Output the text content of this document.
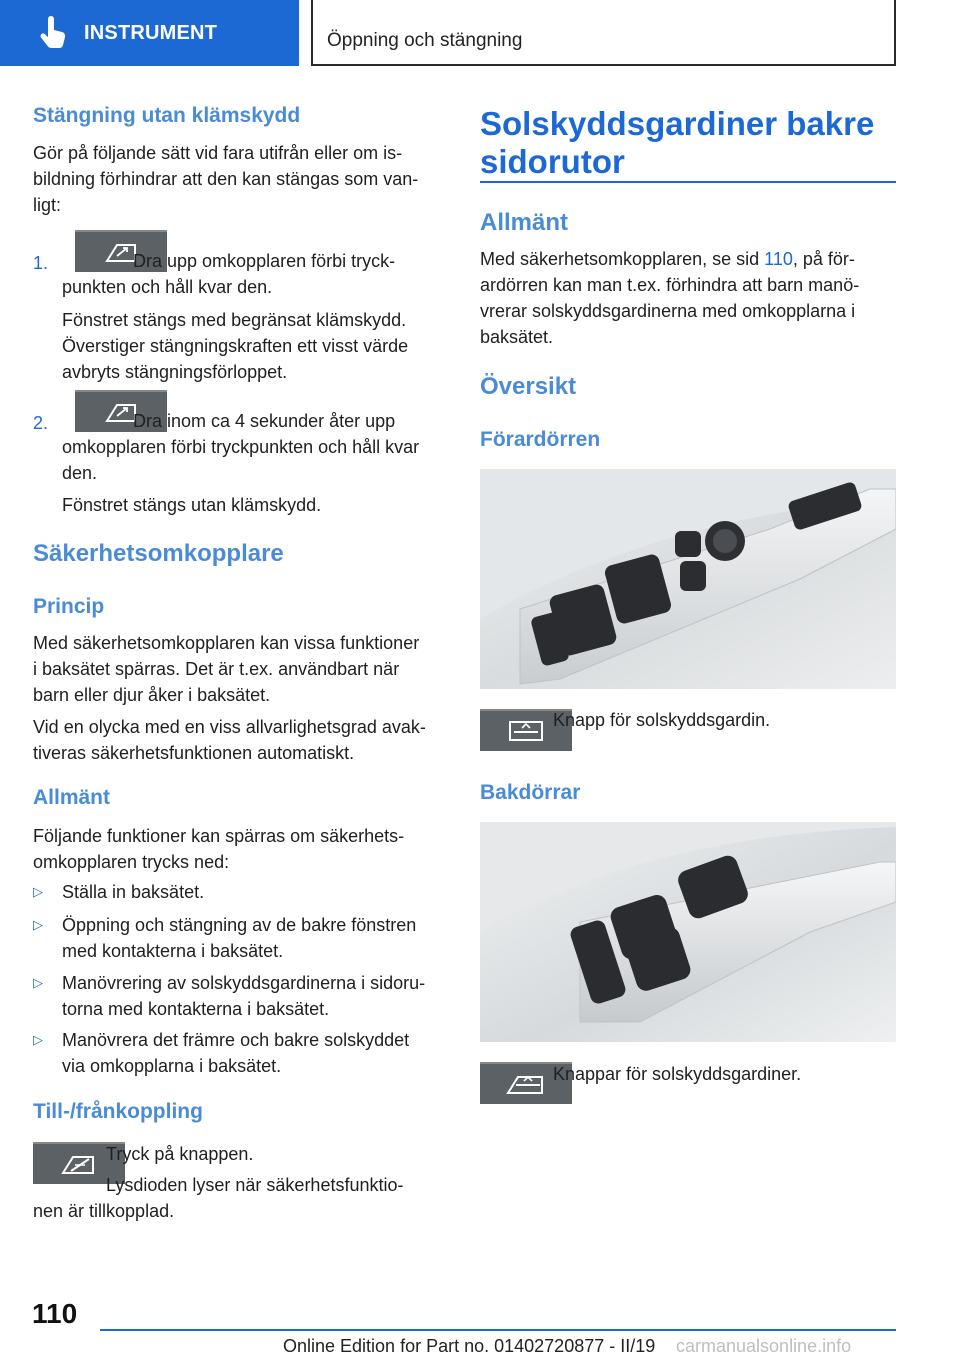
INSTRUMENT	Öppning och stängning
Stängning utan klämskydd
Gör på följande sätt vid fara utifrån eller om is‐
bildning förhindrar att den kan stängas som van‐
ligt:
1.	Dra upp omkopplaren förbi tryck‐
punkten och håll kvar den.
Fönstret stängs med begränsat klämskydd.
Överstiger stängningskraften ett visst värde
avbryts stängningsförloppet.
2.	Dra inom ca 4 sekunder åter upp
omkopplaren förbi tryckpunkten och håll kvar
den.
Fönstret stängs utan klämskydd.
Säkerhetsomkopplare
Princip
Med säkerhetsomkopplaren kan vissa funktioner
i baksätet spärras. Det är t.ex. användbart när
barn eller djur åker i baksätet.
Vid en olycka med en viss allvarlighetsgrad avak‐
tiveras säkerhetsfunktionen automatiskt.
Allmänt
Följande funktioner kan spärras om säkerhets‐
omkopplaren trycks ned:
▷ Ställa in baksätet.
▷ Öppning och stängning av de bakre fönstren
med kontakterna i baksätet.
▷ Manövrering av solskyddsgardinerna i sidoru‐
torna med kontakterna i baksätet.
▷ Manövrera det främre och bakre solskyddet
via omkopplarna i baksätet.
Till-/frånkoppling
Tryck på knappen.
Lysdioden lyser när säkerhetsfunktio‐
nen är tillkopplad.
Solskyddsgardiner bakre
sidorutor
Allmänt
Med säkerhetsomkopplaren, se sid 110, på för‐
ardörren kan man t.ex. förhindra att barn manö‐
vrerar solskyddsgardinerna med omkopplarna i
baksätet.
Översikt
Förardörren
Knapp för solskyddsgardin.
Bakdörrar
Knappar för solskyddsgardiner.
110
Online Edition for Part no. 01402720877 - II/19 carmanualsonline.info
